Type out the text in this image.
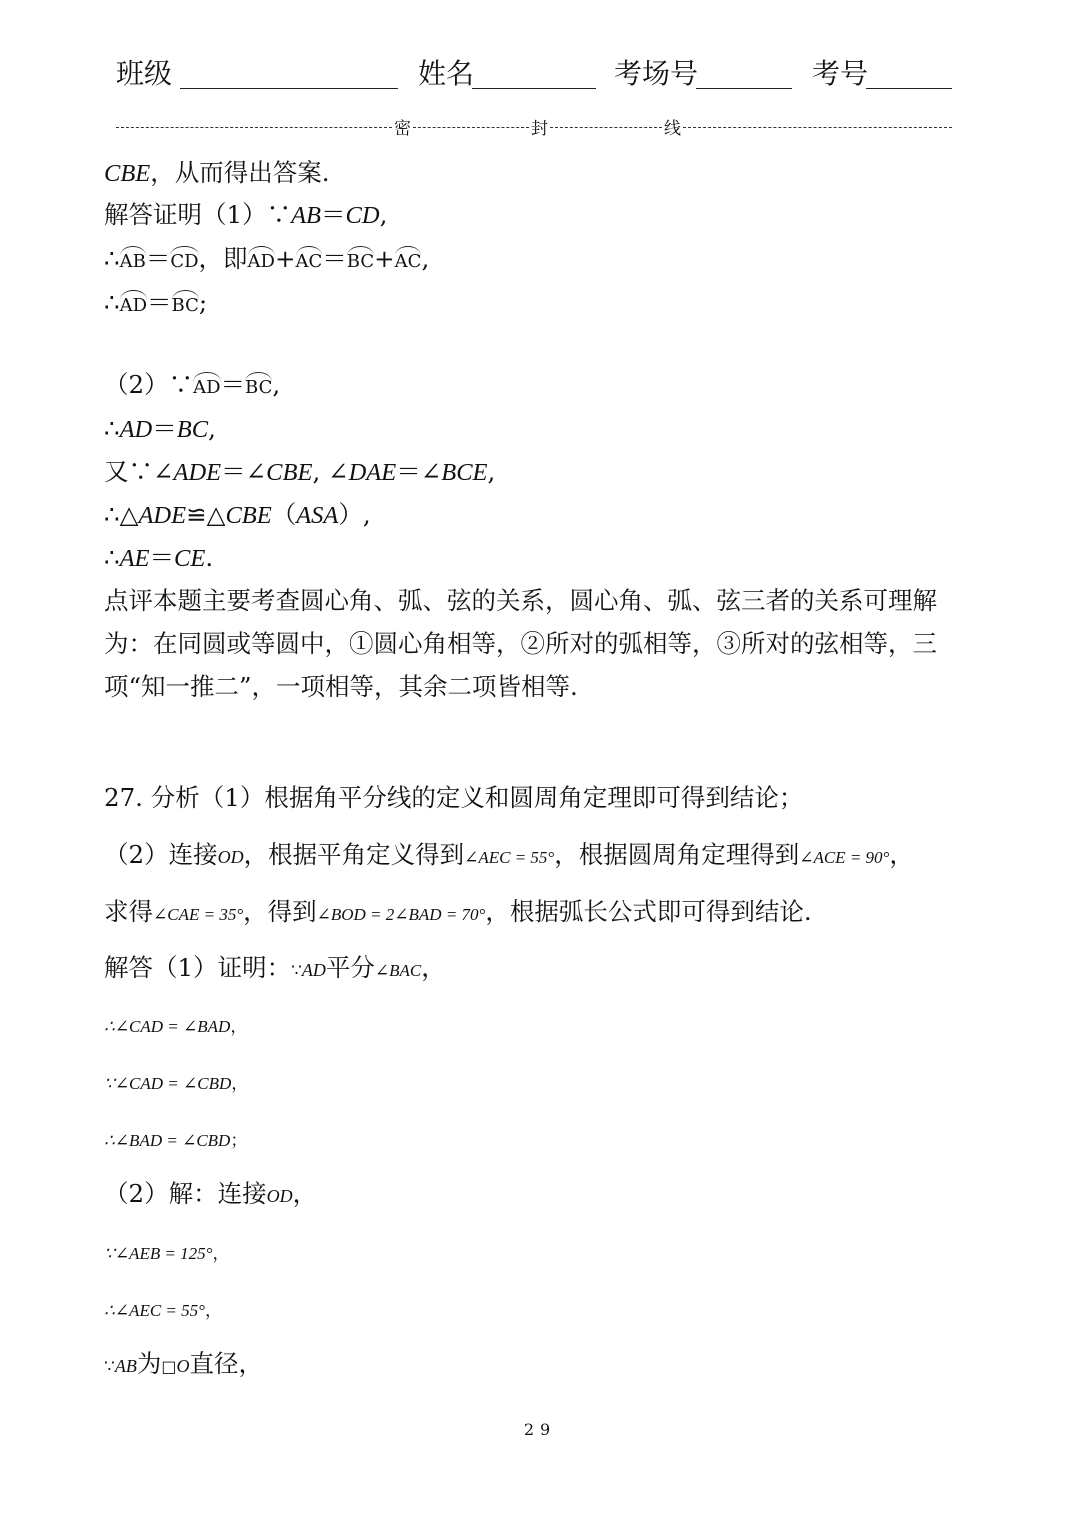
班级	姓名	考场号	考号
密	封	线
CBE，从而得出答案.
解答证明（1）∵AB＝CD,
∴AB＝CD，即AD+AC＝BC+AC,
∴AD＝BC;
（2）∵AD＝BC,
∴AD＝BC,
又∵∠ADE＝∠CBE, ∠DAE＝∠BCE,
∴△ADE≌△CBE（ASA）,
∴AE＝CE.
点评本题主要考查圆心角、弧、弦的关系，圆心角、弧、弦三者的关系可理解为：在同圆或等圆中，①圆心角相等，②所对的弧相等，③所对的弦相等，三项“知一推二”，一项相等，其余二项皆相等.
27. 分析（1）根据角平分线的定义和圆周角定理即可得到结论；
（2）连接OD，根据平角定义得到∠AEC = 55°，根据圆周角定理得到∠ACE = 90°，
求得∠CAE = 35°，得到∠BOD = 2∠BAD = 70°，根据弧长公式即可得到结论.
解答（1）证明：∵AD平分∠BAC，
∴∠CAD = ∠BAD，
∵∠CAD = ∠CBD，
∴∠BAD = ∠CBD；
（2）解：连接OD，
∵∠AEB = 125°，
∴∠AEC = 55°，
∵AB为□O直径，
29
